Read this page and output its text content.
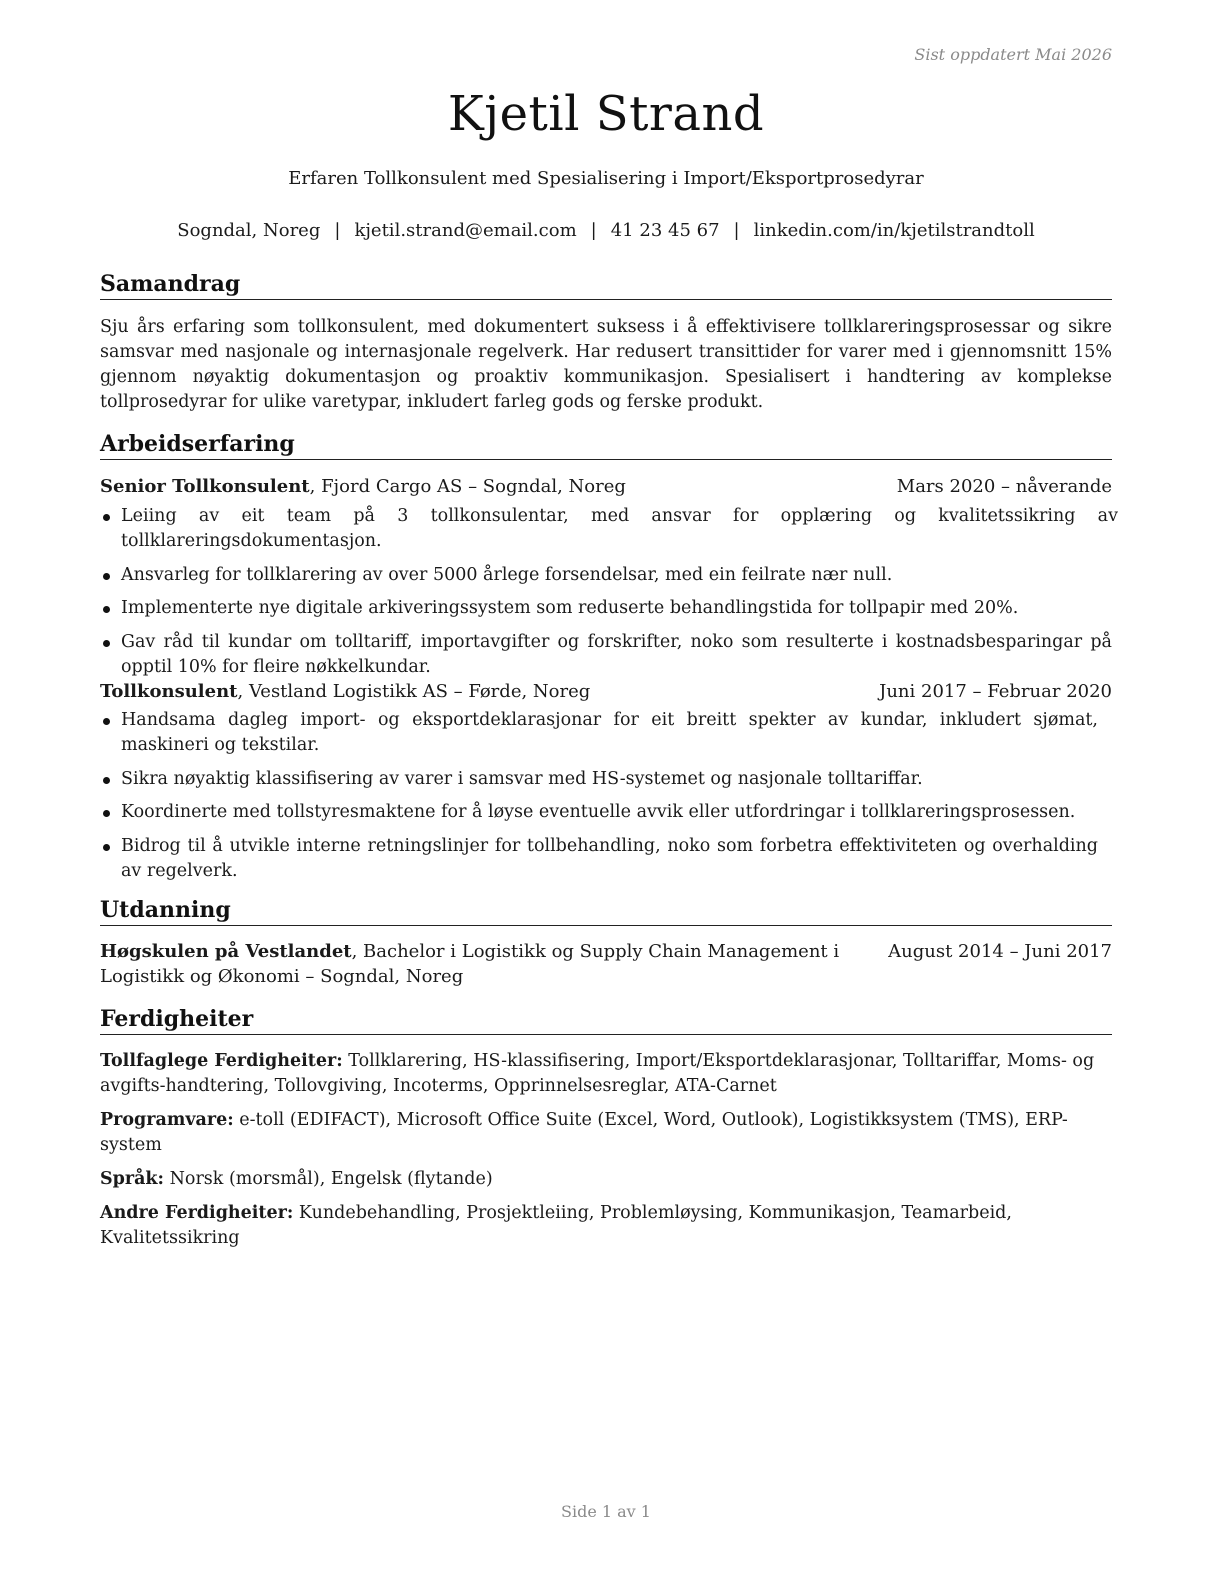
Sist oppdatert Mai 2026
Kjetil Strand
Erfaren Tollkonsulent med Spesialisering i Import/Eksportprosedyrar
Sogndal, Noreg | kjetil.strand@email.com | 41 23 45 67 | linkedin.com/in/kjetilstrandtoll
Samandrag
Sju års erfaring som tollkonsulent, med dokumentert suksess i å effektivisere tollklareringsprosessar og sikre samsvar med nasjonale og internasjonale regelverk. Har redusert transittider for varer med i gjennomsnitt 15% gjennom nøyaktig dokumentasjon og proaktiv kommunikasjon. Spesialisert i handtering av komplekse tollprosedyrar for ulike varetypar, inkludert farleg gods og ferske produkt.
Arbeidserfaring
Senior Tollkonsulent, Fjord Cargo AS – Sogndal, Noreg	Mars 2020 – nåverande
Leiing av eit team på 3 tollkonsulentar, med ansvar for opplæring og kvalitetssikring av tollklareringsdokumentasjon.
Ansvarleg for tollklarering av over 5000 årlege forsendelsar, med ein feilrate nær null.
Implementerte nye digitale arkiveringssystem som reduserte behandlingstida for tollpapir med 20%.
Gav råd til kundar om tolltariff, importavgifter og forskrifter, noko som resulterte i kostnadsbesparingar på opptil 10% for fleire nøkkelkundar.
Tollkonsulent, Vestland Logistikk AS – Førde, Noreg	Juni 2017 – Februar 2020
Handsama dagleg import- og eksportdeklarasjonar for eit breitt spekter av kundar, inkludert sjømat, maskineri og tekstilar.
Sikra nøyaktig klassifisering av varer i samsvar med HS-systemet og nasjonale tolltariffar.
Koordinerte med tollstyresmaktene for å løyse eventuelle avvik eller utfordringar i tollklareringsprosessen.
Bidrog til å utvikle interne retningslinjer for tollbehandling, noko som forbetra effektiviteten og overhalding av regelverk.
Utdanning
Høgskulen på Vestlandet, Bachelor i Logistikk og Supply Chain Management i Logistikk og Økonomi – Sogndal, Noreg
August 2014 – Juni 2017
Ferdigheiter
Tollfaglege Ferdigheiter: Tollklarering, HS-klassifisering, Import/Eksportdeklarasjonar, Tolltariffar, Moms- og avgifts-handtering, Tollovgiving, Incoterms, Opprinnelsesreglar, ATA-Carnet
Programvare: e-toll (EDIFACT), Microsoft Office Suite (Excel, Word, Outlook), Logistikksystem (TMS), ERP-system
Språk: Norsk (morsmål), Engelsk (flytande)
Andre Ferdigheiter: Kundebehandling, Prosjektleiing, Problemløysing, Kommunikasjon, Teamarbeid, Kvalitetssikring
Side 1 av 1
